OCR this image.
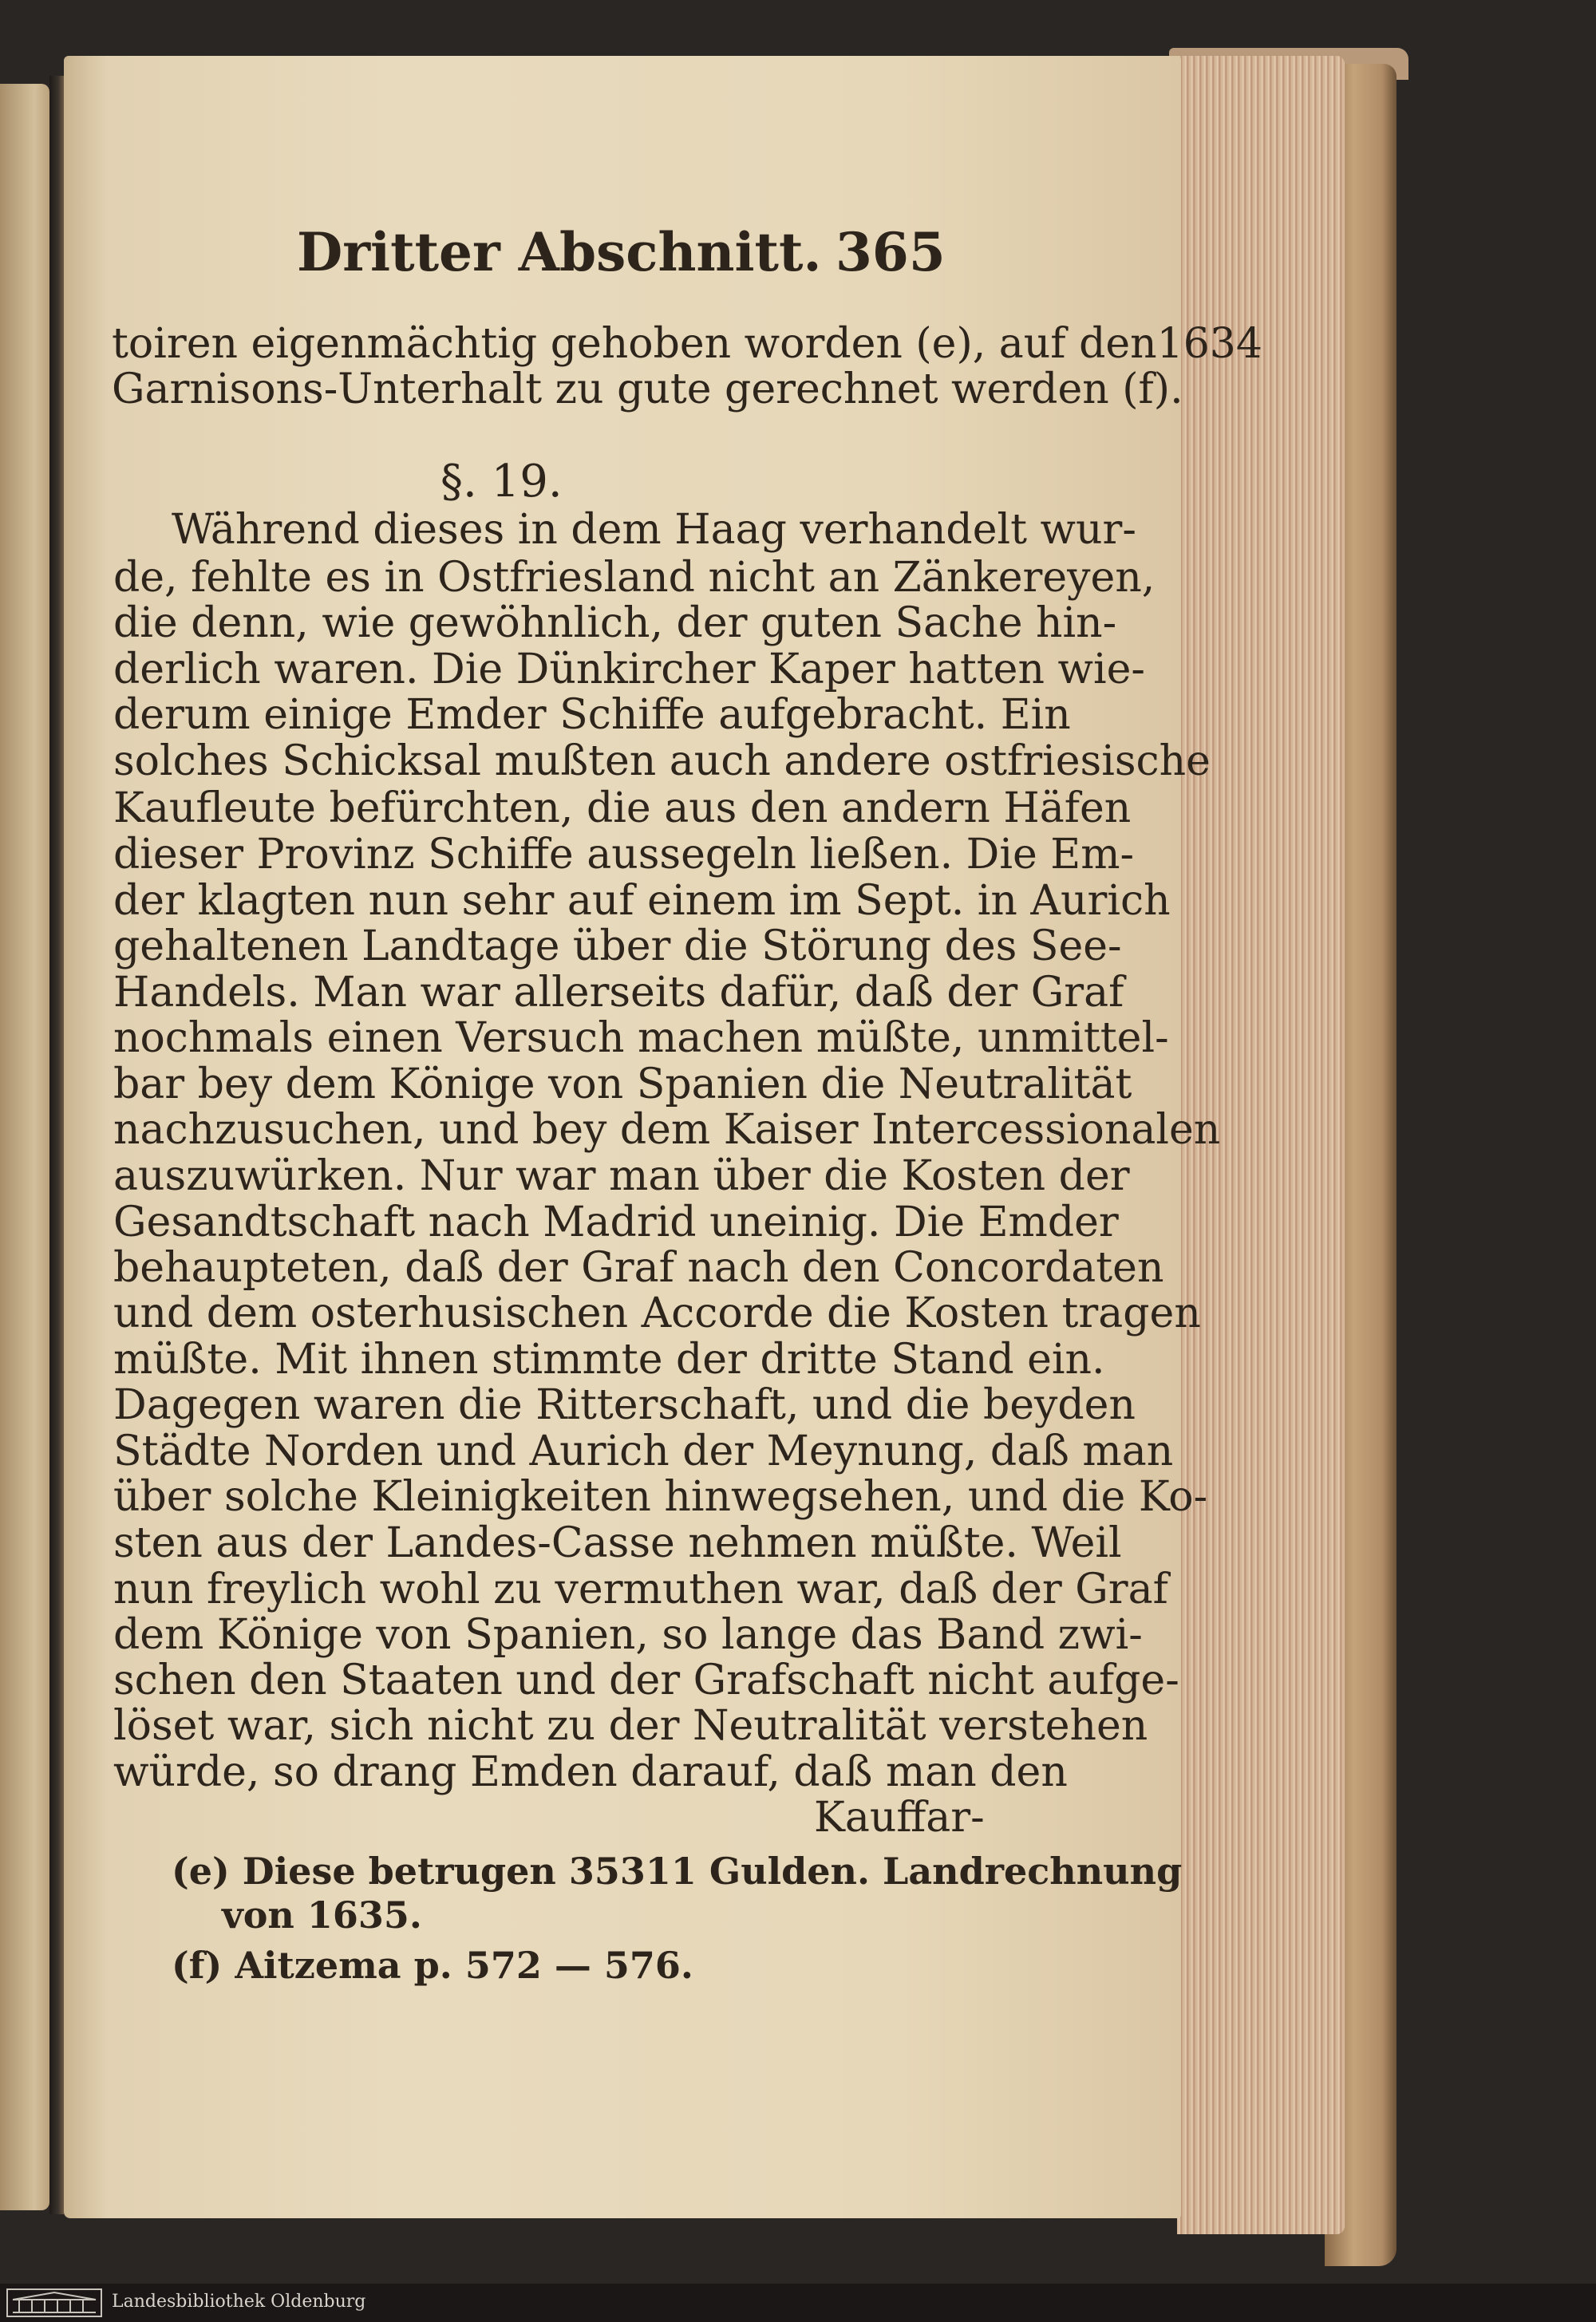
Dritter Abschnitt. 365

toiren eigenmächtig gehoben worden (e), auf den1634

Garnisons-Unterhalt zu gute gerechnet werden (f).

§. 19.

Während dieses in dem Haag verhandelt wur-

de, fehlte es in Ostfriesland nicht an Zänkereyen,

die denn, wie gewöhnlich, der guten Sache hin-

derlich waren. Die Dünkircher Kaper hatten wie-

derum einige Emder Schiffe aufgebracht. Ein

solches Schicksal mußten auch andere ostfriesische

Kaufleute befürchten, die aus den andern Häfen

dieser Provinz Schiffe aussegeln ließen. Die Em-

der klagten nun sehr auf einem im Sept. in Aurich

gehaltenen Landtage über die Störung des See-

Handels. Man war allerseits dafür, daß der Graf

nochmals einen Versuch machen müßte, unmittel-

bar bey dem Könige von Spanien die Neutralität

nachzusuchen, und bey dem Kaiser Intercessionalen

auszuwürken. Nur war man über die Kosten der

Gesandtschaft nach Madrid uneinig. Die Emder

behaupteten, daß der Graf nach den Concordaten

und dem osterhusischen Accorde die Kosten tragen

müßte. Mit ihnen stimmte der dritte Stand ein.

Dagegen waren die Ritterschaft, und die beyden

Städte Norden und Aurich der Meynung, daß man

über solche Kleinigkeiten hinwegsehen, und die Ko-

sten aus der Landes-Casse nehmen müßte. Weil

nun freylich wohl zu vermuthen war, daß der Graf

dem Könige von Spanien, so lange das Band zwi-

schen den Staaten und der Grafschaft nicht aufge-

löset war, sich nicht zu der Neutralität verstehen

würde, so drang Emden darauf, daß man den

Kauffar-

(e) Diese betrugen 35311 Gulden. Landrechnung

von 1635.

(f) Aitzema p. 572 — 576.

Landesbibliothek Oldenburg
